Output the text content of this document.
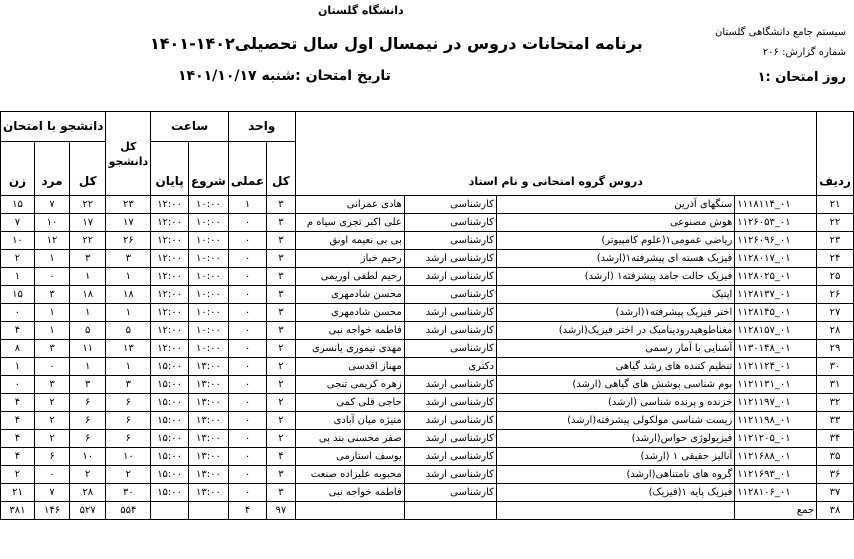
دانشگاه گلستان
برنامه امتحانات دروس در نیمسال اول سال تحصیلی۱۴۰۲-۱۴۰۱
تاریخ امتحان :شنبه ۱۴۰۱/۱۰/۱۷
سیستم جامع دانشگاهی گلستان
شماره گزارش: ۲۰۶
روز امتحان :۱
دانشجو با امتحان			کل دانشجو	ساعت		واحد		دروس گروه امتحانی و نام استاد				ردیف
زن	مرد	کل		پایان	شروع	عملی	کل					
۱۵	۷	۲۲	۲۳	۱۲:۰۰	۱۰:۰۰	۱	۳	هادی عمرانی	کارشناسی	سنگهای آذرین	۱۱۱۸۱۱۴_۰۱	۲۱
۷	۱۰	۱۷	۱۷	۱۲:۰۰	۱۰:۰۰	۰	۳	علی اکبر تجری سیاه م	کارشناسی	هوش مصنوعی	۱۱۲۶۰۵۳_۰۱	۲۲
۱۰	۱۲	۲۲	۲۶	۱۲:۰۰	۱۰:۰۰	۰	۳	بی بی نعیمه اونق	کارشناسی	ریاضی عمومی۱(علوم کامپیوتر)	۱۱۲۶۰۹۶_۰۱	۲۳
۲	۱	۳	۳	۱۲:۰۰	۱۰:۰۰	۰	۳	رحیم خباز	کارشناسی ارشد	فیزیک هسته ای پیشرفته۱(ارشد)	۱۱۲۸۰۱۷_۰۱	۲۴
۱	۰	۱	۱	۱۲:۰۰	۱۰:۰۰	۰	۳	رحیم لطفی اوریمی	کارشناسی ارشد	فیزیک حالت جامد پیشرفته۱ (ارشد)	۱۱۲۸۰۲۵_۰۱	۲۵
۱۵	۳	۱۸	۱۸	۱۲:۰۰	۱۰:۰۰	۰	۳	محسن شادمهری	کارشناسی	اپتیک	۱۱۲۸۱۳۷_۰۱	۲۶
۰	۱	۱	۱	۱۲:۰۰	۱۰:۰۰	۰	۳	محسن شادمهری	کارشناسی ارشد	اختر فیزیک پیشرفته۱(ارشد)	۱۱۲۸۱۴۵_۰۱	۲۷
۴	۱	۵	۵	۱۲:۰۰	۱۰:۰۰	۰	۳	فاطمه خواجه نبی	کارشناسی ارشد	مغناطوهیدرودینامیک در اختر فیزیک(ارشد)	۱۱۲۸۱۵۷_۰۱	۲۸
۸	۳	۱۱	۱۳	۱۲:۰۰	۱۰:۰۰	۰	۲	مهدی تیموری یانسری	کارشناسی	آشنایی با آمار رسمی	۱۱۳۰۱۴۸_۰۱	۲۹
۱	۰	۱	۱	۱۵:۰۰	۱۳:۰۰	۰	۲	مهناز اقدسی	دکتری	تنظیم کننده های رشد گیاهی	۱۱۲۱۱۲۴_۰۱	۳۰
۰	۳	۳	۳	۱۵:۰۰	۱۳:۰۰	۰	۲	زهره کریمی تنجی	کارشناسی ارشد	بوم شناسی پوشش های گیاهی (ارشد)	۱۱۲۱۱۳۱_۰۱	۳۱
۴	۲	۶	۶	۱۵:۰۰	۱۳:۰۰	۰	۲	حاجی قلی کمی	کارشناسی ارشد	خزنده و پرنده شناسی (ارشد)	۱۱۲۱۱۹۷_۰۱	۳۲
۴	۲	۶	۶	۱۵:۰۰	۱۳:۰۰	۰	۲	منیژه میان آبادی	کارشناسی ارشد	زیست شناسی مولکولی پیشرفته(ارشد)	۱۱۲۱۱۹۸_۰۱	۳۳
۴	۲	۶	۶	۱۵:۰۰	۱۳:۰۰	۰	۲	صفر محسنی بند پی	کارشناسی ارشد	فیزیولوژی حواس(ارشد)	۱۱۲۱۲۰۵_۰۱	۳۴
۴	۶	۱۰	۱۰	۱۵:۰۰	۱۳:۰۰	۰	۴	یوسف استارمی	کارشناسی ارشد	آنالیز حقیقی ۱ (ارشد)	۱۱۲۱۶۸۸_۰۱	۳۵
۲	۰	۲	۲	۱۵:۰۰	۱۳:۰۰	۰	۳	محبوبه علیزاده صنعت	کارشناسی ارشد	گروه های نامتناهی(ارشد)	۱۱۲۱۶۹۳_۰۱	۳۶
۲۱	۷	۲۸	۳۰	۱۵:۰۰	۱۳:۰۰	۰	۳	فاطمه خواجه نبی	کارشناسی	فیزیک پایه ۱(فیزیک)	۱۱۲۸۱۰۶_۰۱	۳۷
۳۸۱	۱۴۶	۵۲۷	۵۵۴			۴	۹۷				جمع	۳۸
